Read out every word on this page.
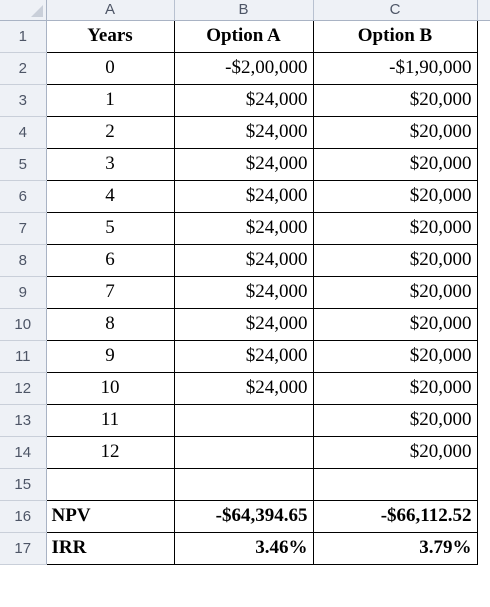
	A	B	C	
1	Years	Option A	Option B	
2	0	-$2,00,000	-$1,90,000	
3	1	$24,000	$20,000	
4	2	$24,000	$20,000	
5	3	$24,000	$20,000	
6	4	$24,000	$20,000	
7	5	$24,000	$20,000	
8	6	$24,000	$20,000	
9	7	$24,000	$20,000	
10	8	$24,000	$20,000	
11	9	$24,000	$20,000	
12	10	$24,000	$20,000	
13	11		$20,000	
14	12		$20,000	
15				
16	NPV	-$64,394.65	-$66,112.52	
17	IRR	3.46%	3.79%	
